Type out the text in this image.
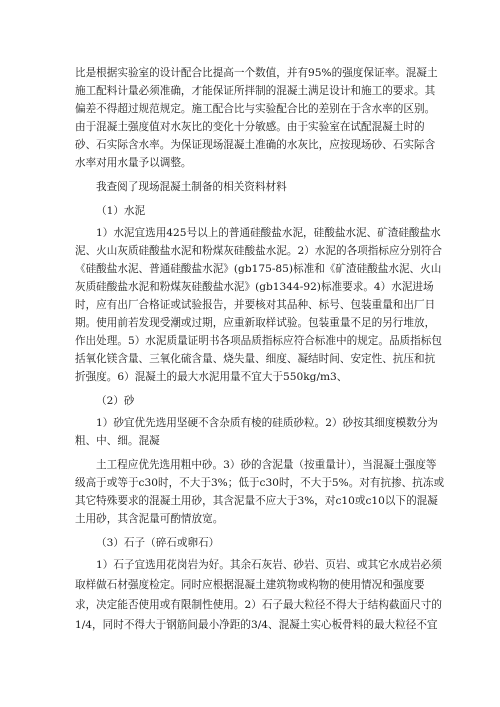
比是根据实验室的设计配合比提高一个数值，并有95%的强度保证率。混凝土
施工配料计量必须准确，才能保证所拌制的混凝土满足设计和施工的要求。其
偏差不得超过规范规定。施工配合比与实验配合比的差别在于含水率的区别。
由于混凝土强度值对水灰比的变化十分敏感。由于实验室在试配混凝土时的
砂、石实际含水率。为保证现场混凝土准确的水灰比，应按现场砂、石实际含
水率对用水量予以调整。
我查阅了现场混凝土制备的相关资料材料
（1）水泥
1）水泥宜选用425号以上的普通硅酸盐水泥，硅酸盐水泥、矿渣硅酸盐水
泥、火山灰质硅酸盐水泥和粉煤灰硅酸盐水泥。2）水泥的各项指标应分别符合
《硅酸盐水泥、普通硅酸盐水泥》(gb175-85)标准和《矿渣硅酸盐水泥、火山
灰质硅酸盐水泥和粉煤灰硅酸盐水泥》(gb1344-92)标准要求。4）水泥进场
时，应有出厂合格证或试验报告，并要核对其品种、标号、包装重量和出厂日
期。使用前若发现受潮或过期，应重新取样试验。包装重量不足的另行堆放，
作出处理。5）水泥质量证明书各项品质指标应符合标准中的规定。品质指标包
括氧化镁含量、三氧化硫含量、烧失量、细度、凝结时间、安定性、抗压和抗
折强度。6）混凝土的最大水泥用量不宜大于550kg/m3、
（2）砂
1）砂宜优先选用坚硬不含杂质有棱的硅质砂粒。2）砂按其细度模数分为
粗、中、细。混凝
土工程应优先选用粗中砂。3）砂的含泥量（按重量计），当混凝土强度等
级高于或等于c30时，不大于3%；低于c30时，不大于5%。对有抗掺、抗冻或
其它特殊要求的混凝土用砂，其含泥量不应大于3%，对c10或c10以下的混凝
土用砂，其含泥量可酌情放宽。
（3）石子（碎石或卵石）
1）石子宜选用花岗岩为好。其余石灰岩、砂岩、页岩、或其它水成岩必须
取样做石材强度检定。同时应根据混凝土建筑物或构物的使用情况和强度要
求，决定能否使用或有限制性使用。2）石子最大粒径不得大于结构截面尺寸的
1/4，同时不得大于钢筋间最小净距的3/4、混凝土实心板骨料的最大粒径不宜
